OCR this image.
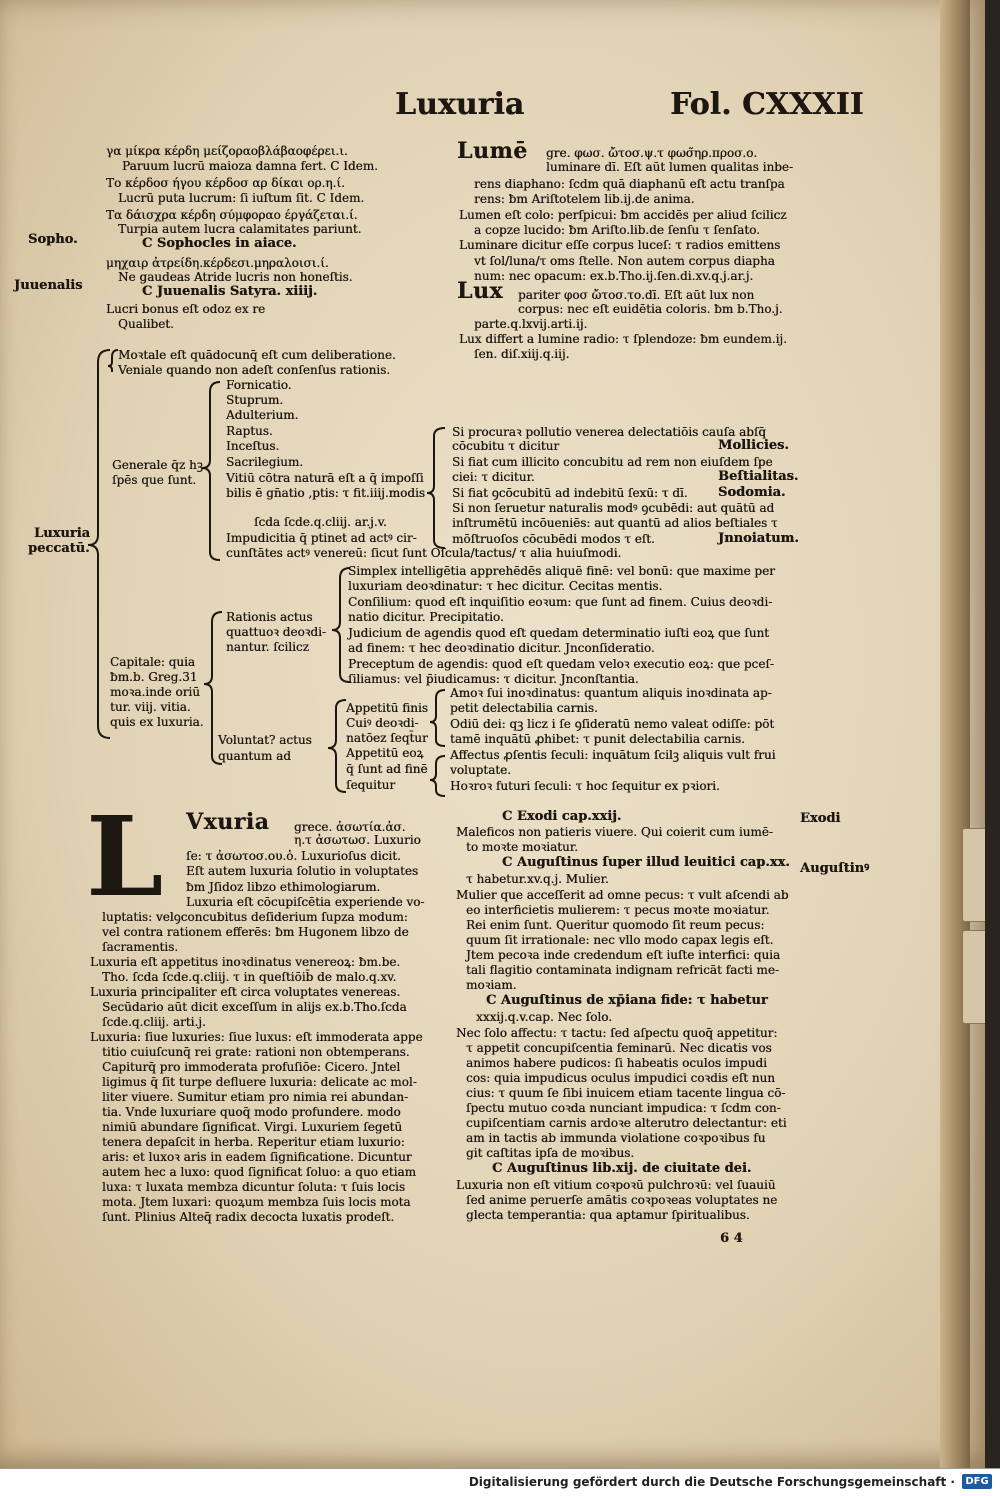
Luxuria	Fol. CXXXII
γα μίκρα κέρδη μείζοραοβλάβαοφέρει.ι.
Paruum lucrū maioza damna fert. C Idem.
Το κέρδοσ ήγου κέρδοσ αρ δίκαι ορ.η.ί.
Lucrū puta lucrum: ſi iuſtum ſit. C Idem.
Τα δάισχρα κέρδη σύμφοραο έργάζεται.ί.
Turpia autem lucra calamitates pariunt.
C Sophocles in aiace.
μηχαιρ ἀτρείδη.κέρδεσι.μηραλοισι.ί.
Ne gaudeas Atride lucris non honeſtis.
C Juuenalis Satyra. xiiij.
Lucri bonus eſt odoz ex re
Qualibet.
Sopho.
Juuenalis
Lumē gre. φωσ. ὤτοσ.ψ.τ φωσ̃ηρ.προσ.ο.
luminare dī. Eſt aūt lumen qualitas inbe-
rens diaphano: ſcdm quā diaphanū eſt actu tranſpa
rens: ƀm Ariſtotelem lib.ij.de anima.
Lumen eſt colo: perſpicui: ƀm accidēs per aliud ſcilicz
a copze lucido: ƀm Ariſto.lib.de ſenſu τ ſenſato.
Luminare dicitur eſſe corpus luceſ: τ radios emittens
vt ſol/luna/τ oms ſtelle. Non autem corpus diapha
num: nec opacum: ex.b.Tho.ij.ſen.di.xv.q.j.ar.j.
Lux pariter φοσ ὤτοσ.το.dī. Eſt aūt lux non
corpus: nec eſt euidētia coloris. ƀm b.Tho.j.
parte.q.lxvij.arti.ij.
Lux differt a lumine radio: τ ſplendoze: ƀm eundem.ij.
ſen. diſ.xiij.q.iij.
Luxuria
peccatū.
Moꝛtale eſt quādocunq̄ eſt cum deliberatione.
Veniale quando non adeſt conſenſus rationis.
Generale q̄z hꝫ
ſpēs que ſunt.
Fornicatio.
Stuprum.
Adulterium.
Raptus.
Inceſtus.
Sacrilegium.
Vitiū cōtra naturā eſt a q̄ impoſſi
bilis ē gn̄atio ,ptis: τ fit.iiij.modis
ſcda ſcde.q.cliij. ar.j.v.
Impudicitia q̄ ptinet ad actꝰ cir-
cunſtātes actꝰ venereū: ſicut ſunt Oſcula/tactus/ τ alia huiuſmodi.
Si procuraꝛ pollutio venerea delectatiōis cauſa abſq̄
cōcubitu τ dicitur	Mollicies.
Si fiat cum illicito concubitu ad rem non eiuſdem ſpe
ciei: τ dicitur.	Beſtialitas.
Si fiat ꝯcōcubitū ad indebitū ſexū: τ dī. Sodomia.
Si non ſeruetur naturalis modꝰ ꝯcubēdi: aut quātū ad
inſtrumētū incōueniēs: aut quantū ad alios beſtiales τ
mōſtruoſos cōcubēdi modos τ eſt.	Jnnoiatum.
Capitale: quia
ƀm.b. Greg.31
moꝛa.inde oriū
tur. viij. vitia.
quis ex luxuria.
Rationis actus
quattuoꝛ deoꝛdi-
nantur. ſcilicz
Simplex intelligētia apprehēdēs aliquē finē: vel bonū: que maxime per
luxuriam deoꝛdinatur: τ hec dicitur. Cecitas mentis.
Conſilium: quod eſt inquiſitio eoꝛum: que ſunt ad finem. Cuius deoꝛdi-
natio dicitur. Precipitatio.
Judicium de agendis quod eſt quedam determinatio iuſti eoꝝ que ſunt
ad finem: τ hec deoꝛdinatio dicitur. Jnconſideratio.
Preceptum de agendis: quod eſt quedam veloꝛ executio eoꝝ: que pceſ-
ſiliamus: vel p̄iudicamus: τ dicitur. Jnconſtantia.
Voluntat? actus
quantum ad
Appetitū finis
Cuiꝰ deoꝛdi-
natōez ſeqt̄ur
Appetitū eoꝝ
q̄ ſunt ad finē
ſequitur
Amoꝛ ſui inoꝛdinatus: quantum aliquis inoꝛdinata ap-
petit delectabilia carnis.
Odiū dei: qꝫ licz i ſe ꝯſideratū nemo valeat odiſſe: pōt
tamē inquātū ꝓhibet: τ punit delectabilia carnis.
Affectus ꝓſentis ſeculi: inquātum ſcilꝫ aliquis vult frui
voluptate.
Hoꝛroꝛ futuri ſeculi: τ hoc ſequitur ex pꝛiori.
L Vxuria grece. ἀσωτία.ἀσ.
η.τ ἀσωτωσ. Luxurio
ſe: τ ἀσωτοσ.ου.ὁ. Luxurioſus dicit.
Eſt autem luxuria ſolutio in voluptates
ƀm Jſidoz libzo ethimologiarum.
Luxuria eſt cōcupiſcētia experiende vo-
luptatis: velꝯconcubitus deſiderium ſupza modum:
vel contra rationem efferēs: ƀm Hugonem libzo de
ſacramentis.
Luxuria eſt appetitus inoꝛdinatus venereoꝝ: ƀm.be.
Tho. ſcda ſcde.q.cliij. τ in queſtiōib̄ de malo.q.xv.
Luxuria principaliter eſt circa voluptates venereas.
Secūdario aūt dicit exceſſum in alijs ex.b.Tho.ſcda
ſcde.q.cliij. arti.j.
Luxuria: ſiue luxuries: ſiue luxus: eſt immoderata appe
titio cuiuſcunq̄ rei grate: rationi non obtemperans.
Capiturq̄ pro immoderata profuſiōe: Cicero. Jntel
ligimus q̄ ſit turpe defluere luxuria: delicate ac mol-
liter viuere. Sumitur etiam pro nimia rei abundan-
tia. Vnde luxuriare quoq̄ modo profundere. modo
nimiū abundare ſignificat. Virgi. Luxuriem ſegetū
tenera depaſcit in herba. Reperitur etiam luxurio:
aris: et luxoꝛ aris in eadem ſignificatione. Dicuntur
autem hec a luxo: quod ſignificat ſoluo: a quo etiam
luxa: τ luxata membza dicuntur ſoluta: τ ſuis locis
mota. Jtem luxari: quoꝝum membza ſuis locis mota
ſunt. Plinius Alteq̄ radix decocta luxatis prodeſt.
C Exodi cap.xxij.
Maleficos non patieris viuere. Qui coierit cum iumē-
to moꝛte moꝛiatur.
C Auguſtinus ſuper illud leuitici cap.xx.
τ habetur.xv.q.j. Mulier.
Mulier que acceſſerit ad omne pecus: τ vult aſcendi ab
eo interficietis mulierem: τ pecus moꝛte moꝛiatur.
Rei enim ſunt. Queritur quomodo ſit reum pecus:
quum ſit irrationale: nec vllo modo capax legis eſt.
Jtem pecoꝛa inde credendum eſt iuſte interfici: quia
tali flagitio contaminata indignam refricāt facti me-
moꝛiam.
C Auguſtinus de xp̄iana fide: τ habetur
xxxij.q.v.cap. Nec ſolo.
Nec ſolo affectu: τ tactu: ſed aſpectu quoq̄ appetitur:
τ appetit concupiſcentia feminarū. Nec dicatis vos
animos habere pudicos: ſi habeatis oculos impudi
cos: quia impudicus oculus impudici coꝛdis eſt nun
cius: τ quum ſe ſibi inuicem etiam tacente lingua cō-
ſpectu mutuo coꝛda nunciant impudica: τ ſcdm con-
cupiſcentiam carnis ardoꝛe alterutro delectantur: eti
am in tactis ab immunda violatione coꝛpoꝛibus fu
git caſtitas ipſa de moꝛibus.
C Auguſtinus lib.xij. de ciuitate dei.
Luxuria non eſt vitium coꝛpoꝛū pulchroꝛū: vel ſuauiū
ſed anime peruerſe amātis coꝛpoꝛeas voluptates ne
glecta temperantia: qua aptamur ſpiritualibus.
6 4
Exodi
Auguſtinꝰ
Digitalisierung gefördert durch die Deutsche Forschungsgemeinschaft ·	DFG
